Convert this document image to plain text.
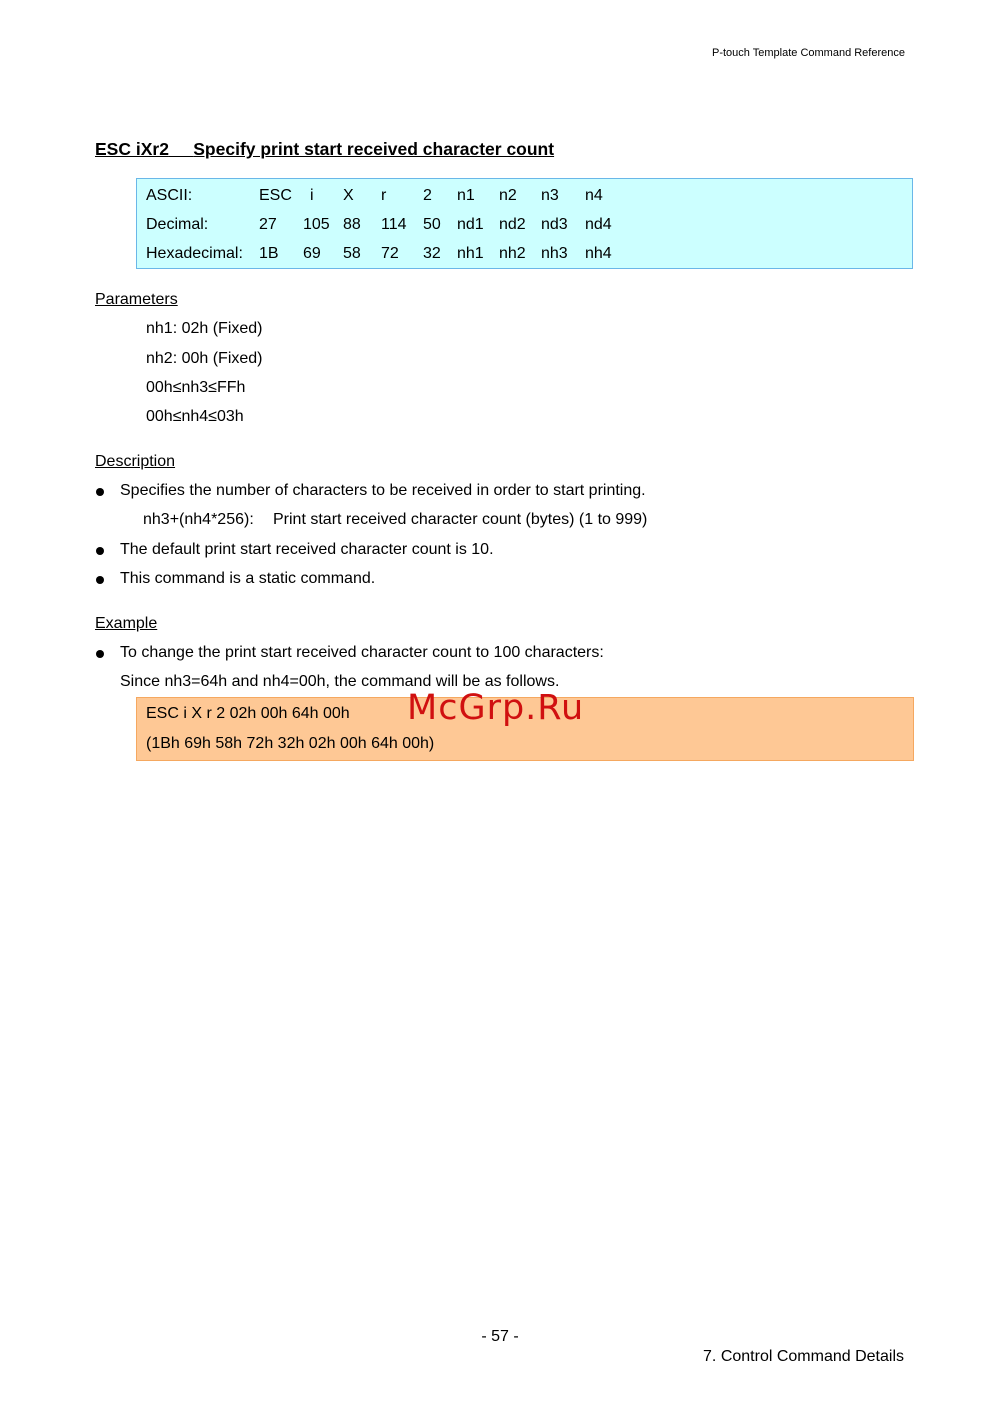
P-touch Template Command Reference
ESC iXr2 Specify print start received character count
ASCII:	ESC i X r 2 n1 n2 n3 n4
Decimal:	27 105 88 114 50 nd1 nd2 nd3 nd4
Hexadecimal: 1B 69 58 72 32 nh1 nh2 nh3 nh4
Parameters
nh1: 02h (Fixed)
nh2: 00h (Fixed)
00h≤nh3≤FFh
00h≤nh4≤03h
Description
Specifies the number of characters to be received in order to start printing.
nh3+(nh4*256): Print start received character count (bytes) (1 to 999)
The default print start received character count is 10.
This command is a static command.
Example
To change the print start received character count to 100 characters:
Since nh3=64h and nh4=00h, the command will be as follows.
ESC i X r 2 02h 00h 64h 00h
(1Bh 69h 58h 72h 32h 02h 00h 64h 00h)
McGrp.Ru
- 57 -
7. Control Command Details
